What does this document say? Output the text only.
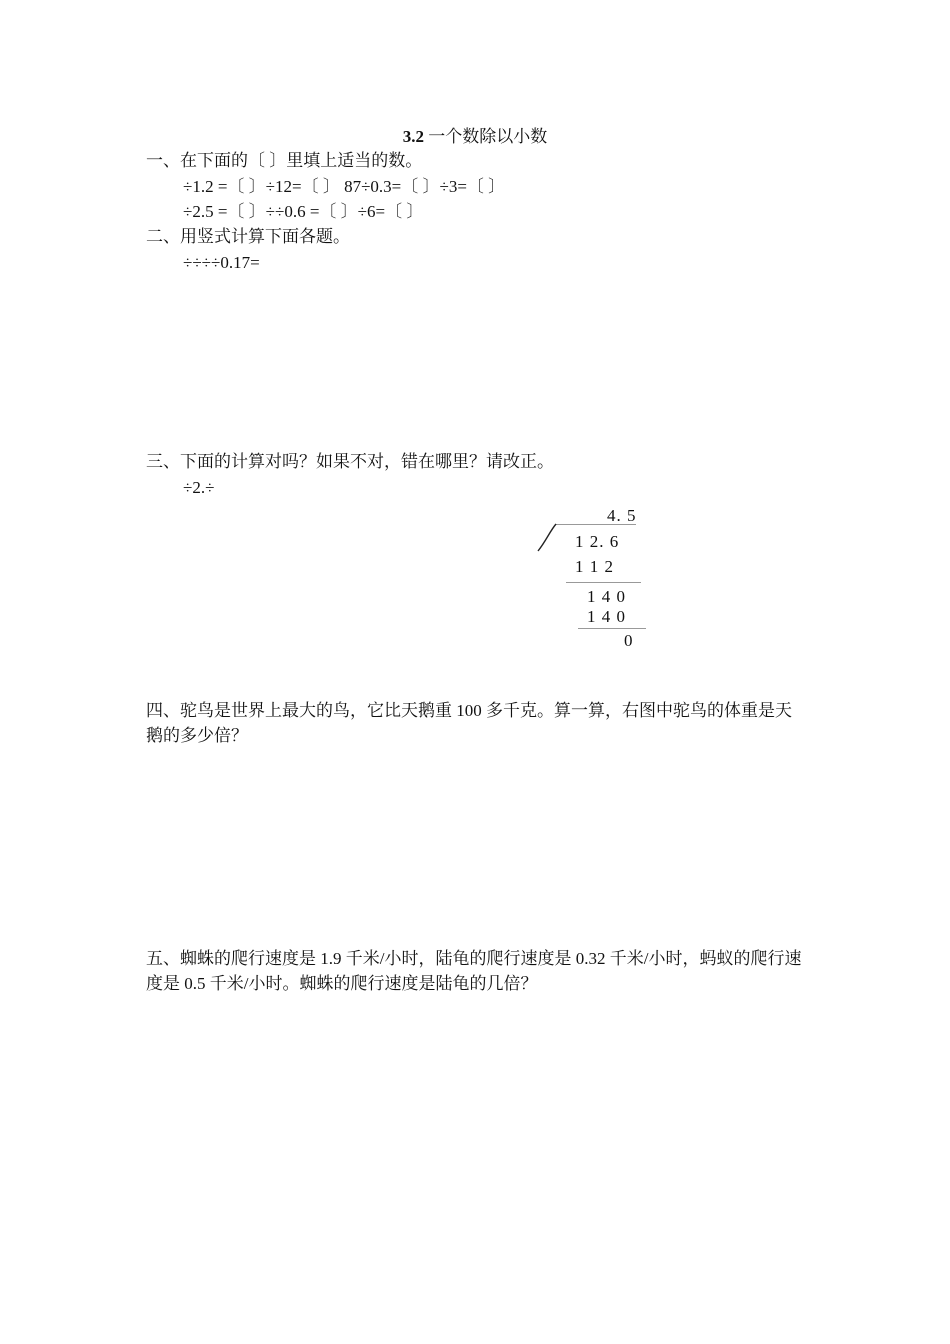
3.2 一个数除以小数
一、在下面的〔 〕里填上适当的数。
÷1.2 =〔 〕÷12=〔 〕 87÷0.3=〔 〕÷3=〔 〕
÷2.5 =〔 〕÷÷0.6 =〔 〕÷6=〔 〕
二、用竖式计算下面各题。
÷÷÷÷0.17=
三、下面的计算对吗？如果不对，错在哪里？请改正。
÷2.÷
4. 5
1 2. 6
1 1 2
1 4 0
1 4 0
0
四、驼鸟是世界上最大的鸟，它比天鹅重 100 多千克。算一算，右图中驼鸟的体重是天鹅的多少倍？
五、蜘蛛的爬行速度是 1.9 千米/小时，陆龟的爬行速度是 0.32 千米/小时，蚂蚁的爬行速度是 0.5 千米/小时。蜘蛛的爬行速度是陆龟的几倍？
